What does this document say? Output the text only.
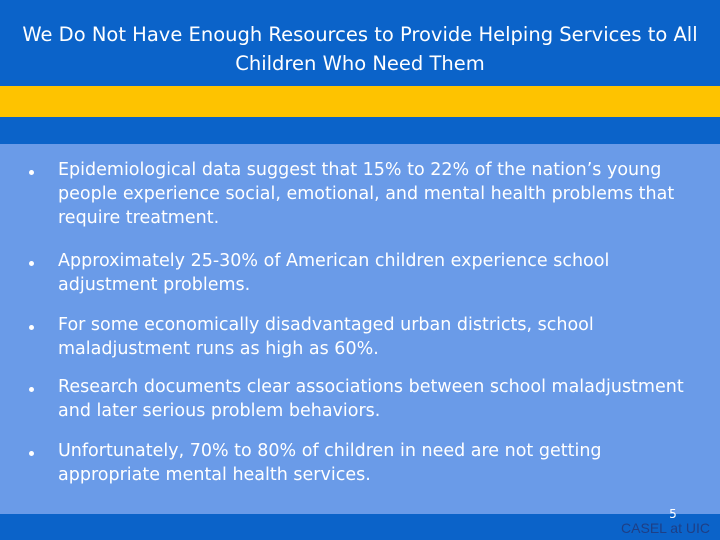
We Do Not Have Enough Resources to Provide Helping Services to All Children Who Need Them
Epidemiological data suggest that 15% to 22% of the nation’s young people experience social, emotional, and mental health problems that require treatment.
Approximately 25-30% of American children experience school adjustment problems.
For some economically disadvantaged urban districts, school maladjustment runs as high as 60%.
Research documents clear associations between school maladjustment and later serious problem behaviors.
Unfortunately, 70% to 80% of children in need are not getting appropriate mental health services.
5
CASEL at UIC
